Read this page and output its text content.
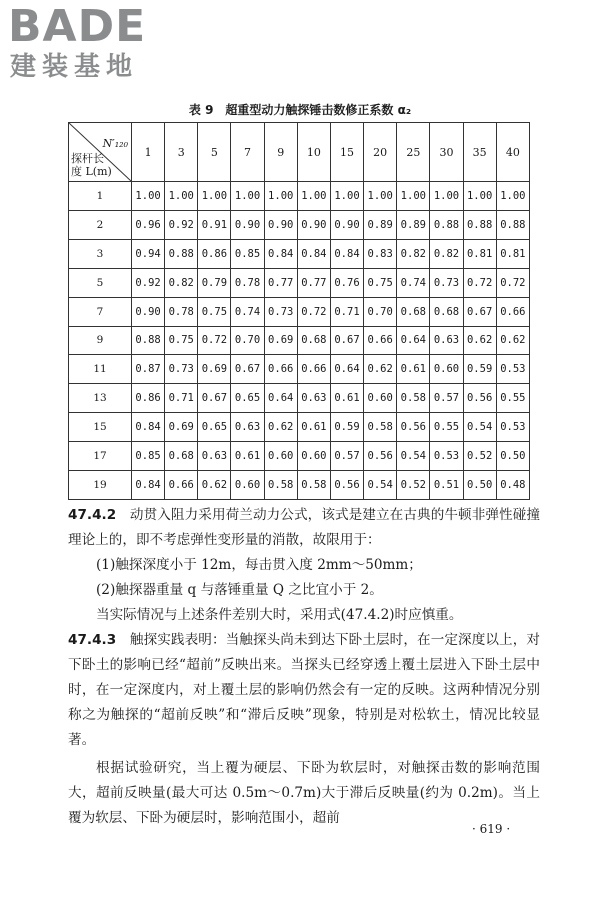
BADE
建装基地
表 9　超重型动力触探锤击数修正系数 α₂
N′₁₂₀
探杆长
度 L(m)	1	3	5	7	9	10	15	20	25	30	35	40
1	1.00	1.00	1.00	1.00	1.00	1.00	1.00	1.00	1.00	1.00	1.00	1.00
2	0.96	0.92	0.91	0.90	0.90	0.90	0.90	0.89	0.89	0.88	0.88	0.88
3	0.94	0.88	0.86	0.85	0.84	0.84	0.84	0.83	0.82	0.82	0.81	0.81
5	0.92	0.82	0.79	0.78	0.77	0.77	0.76	0.75	0.74	0.73	0.72	0.72
7	0.90	0.78	0.75	0.74	0.73	0.72	0.71	0.70	0.68	0.68	0.67	0.66
9	0.88	0.75	0.72	0.70	0.69	0.68	0.67	0.66	0.64	0.63	0.62	0.62
11	0.87	0.73	0.69	0.67	0.66	0.66	0.64	0.62	0.61	0.60	0.59	0.53
13	0.86	0.71	0.67	0.65	0.64	0.63	0.61	0.60	0.58	0.57	0.56	0.55
15	0.84	0.69	0.65	0.63	0.62	0.61	0.59	0.58	0.56	0.55	0.54	0.53
17	0.85	0.68	0.63	0.61	0.60	0.60	0.57	0.56	0.54	0.53	0.52	0.50
19	0.84	0.66	0.62	0.60	0.58	0.58	0.56	0.54	0.52	0.51	0.50	0.48
47.4.2　 动贯入阻力采用荷兰动力公式，该式是建立在古典的牛顿非弹性碰撞理论上的，即不考虑弹性变形量的消散，故限用于：
(1)触探深度小于 12m，每击贯入度 2mm～50mm；
(2)触探器重量 q 与落锤重量 Q 之比宜小于 2。
当实际情况与上述条件差别大时，采用式(47.4.2)时应慎重。
47.4.3　 触探实践表明：当触探头尚未到达下卧土层时，在一定深度以上，对下卧土的影响已经“超前”反映出来。当探头已经穿透上覆土层进入下卧土层中时，在一定深度内，对上覆土层的影响仍然会有一定的反映。这两种情况分别称之为触探的“超前反映”和“滞后反映”现象，特别是对松软土，情况比较显著。
根据试验研究，当上覆为硬层、下卧为软层时，对触探击数的影响范围大，超前反映量(最大可达 0.5m～0.7m)大于滞后反映量(约为 0.2m)。当上覆为软层、下卧为硬层时，影响范围小，超前
· 619 ·
